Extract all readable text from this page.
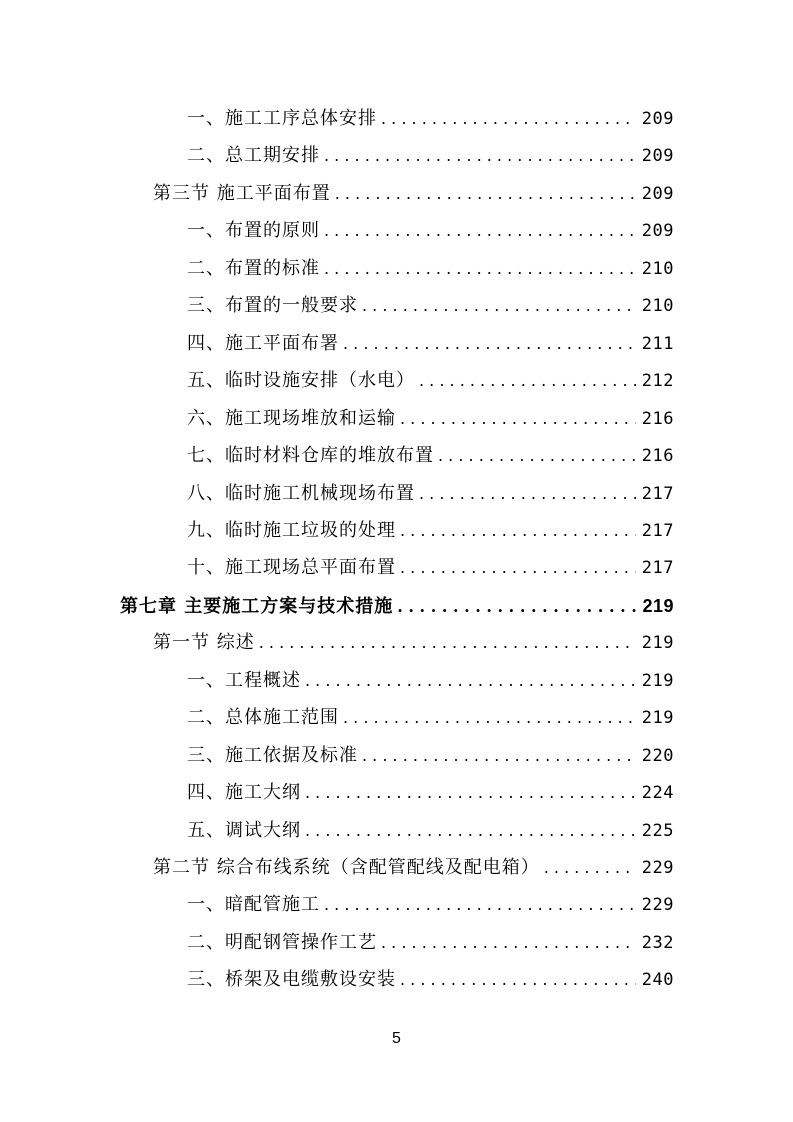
一、施工工序总体安排 . . .	209
二、总工期安排 . . .	209
第三节 施工平面布置 . . .	209
一、布置的原则 . . .	209
二、布置的标准 . . .	210
三、布置的一般要求 . . .	210
四、施工平面布署 . . .	211
五、临时设施安排（水电） . . .	212
六、施工现场堆放和运输 . . .	216
七、临时材料仓库的堆放布置 . . .	216
八、临时施工机械现场布置 . . .	217
九、临时施工垃圾的处理 . . .	217
十、施工现场总平面布置 . . .	217
第七章 主要施工方案与技术措施 . . .	219
第一节 综述 . . .	219
一、工程概述 . . .	219
二、总体施工范围 . . .	219
三、施工依据及标准 . . .	220
四、施工大纲 . . .	224
五、调试大纲 . . .	225
第二节 综合布线系统（含配管配线及配电箱） . . .	229
一、暗配管施工 . . .	229
二、明配钢管操作工艺 . . .	232
三、桥架及电缆敷设安装 . . .	240
5
